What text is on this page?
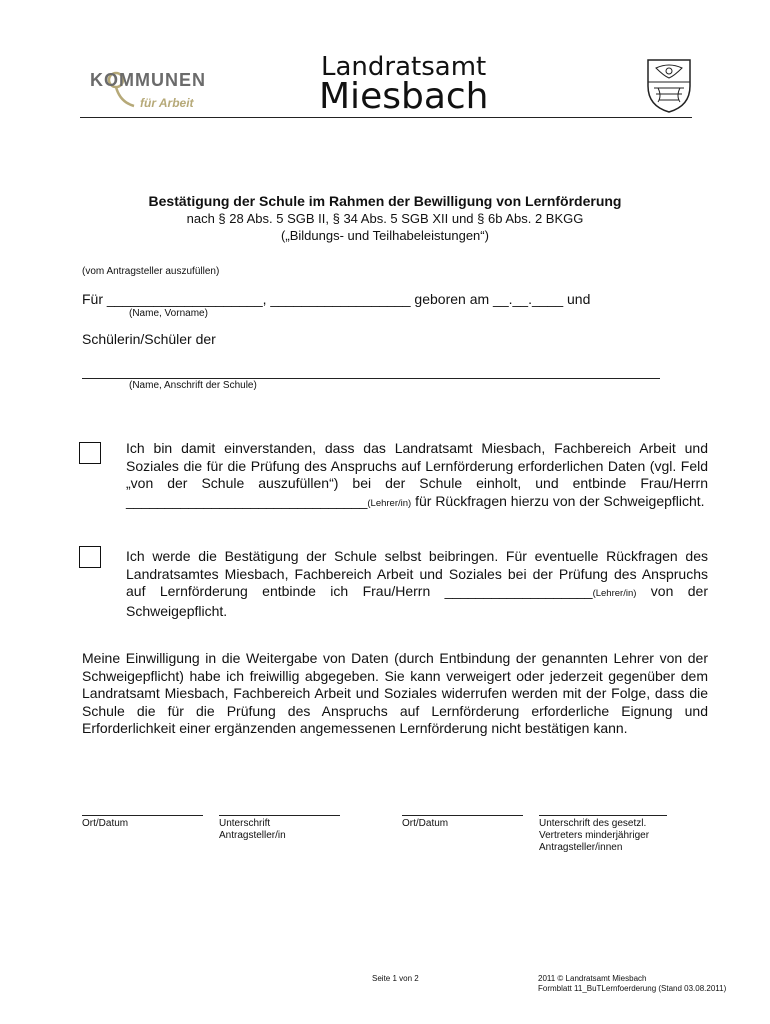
KOMMUNEN
für Arbeit
Landratsamt
Miesbach
Bestätigung der Schule im Rahmen der Bewilligung von Lernförderung
nach § 28 Abs. 5 SGB II, § 34 Abs. 5 SGB XII und § 6b Abs. 2 BKGG
(„Bildungs- und Teilhabeleistungen“)
(vom Antragsteller auszufüllen)
Für ____________________, __________________ geboren am __.__.____ und
(Name, Vorname)
Schülerin/Schüler der
(Name, Anschrift der Schule)
Ich bin damit einverstanden, dass das Landratsamt Miesbach, Fachbereich Arbeit und Soziales die für die Prüfung des Anspruchs auf Lernförderung erforderlichen Daten (vgl. Feld „von der Schule auszufüllen“) bei der Schule einholt, und entbinde Frau/Herrn _______________________________(Lehrer/in) für Rückfragen hierzu von der Schweigepflicht.
Ich werde die Bestätigung der Schule selbst beibringen. Für eventuelle Rückfragen des Landratsamtes Miesbach, Fachbereich Arbeit und Soziales bei der Prüfung des Anspruchs auf Lernförderung entbinde ich Frau/Herrn ___________________(Lehrer/in) von der Schweigepflicht.
Meine Einwilligung in die Weitergabe von Daten (durch Entbindung der genannten Lehrer von der Schweigepflicht) habe ich freiwillig abgegeben. Sie kann verweigert oder jederzeit gegenüber dem Landratsamt Miesbach, Fachbereich Arbeit und Soziales widerrufen werden mit der Folge, dass die Schule die für die Prüfung des Anspruchs auf Lernförderung erforderliche Eignung und Erforderlichkeit einer ergänzenden angemessenen Lernförderung nicht bestätigen kann.
Ort/Datum	Unterschrift
Antragsteller/in
Ort/Datum	Unterschrift des gesetzl.
Vertreters minderjähriger
Antragsteller/innen
Seite 1 von 2	2011 © Landratsamt Miesbach
Formblatt 11_BuTLernfoerderung (Stand 03.08.2011)
